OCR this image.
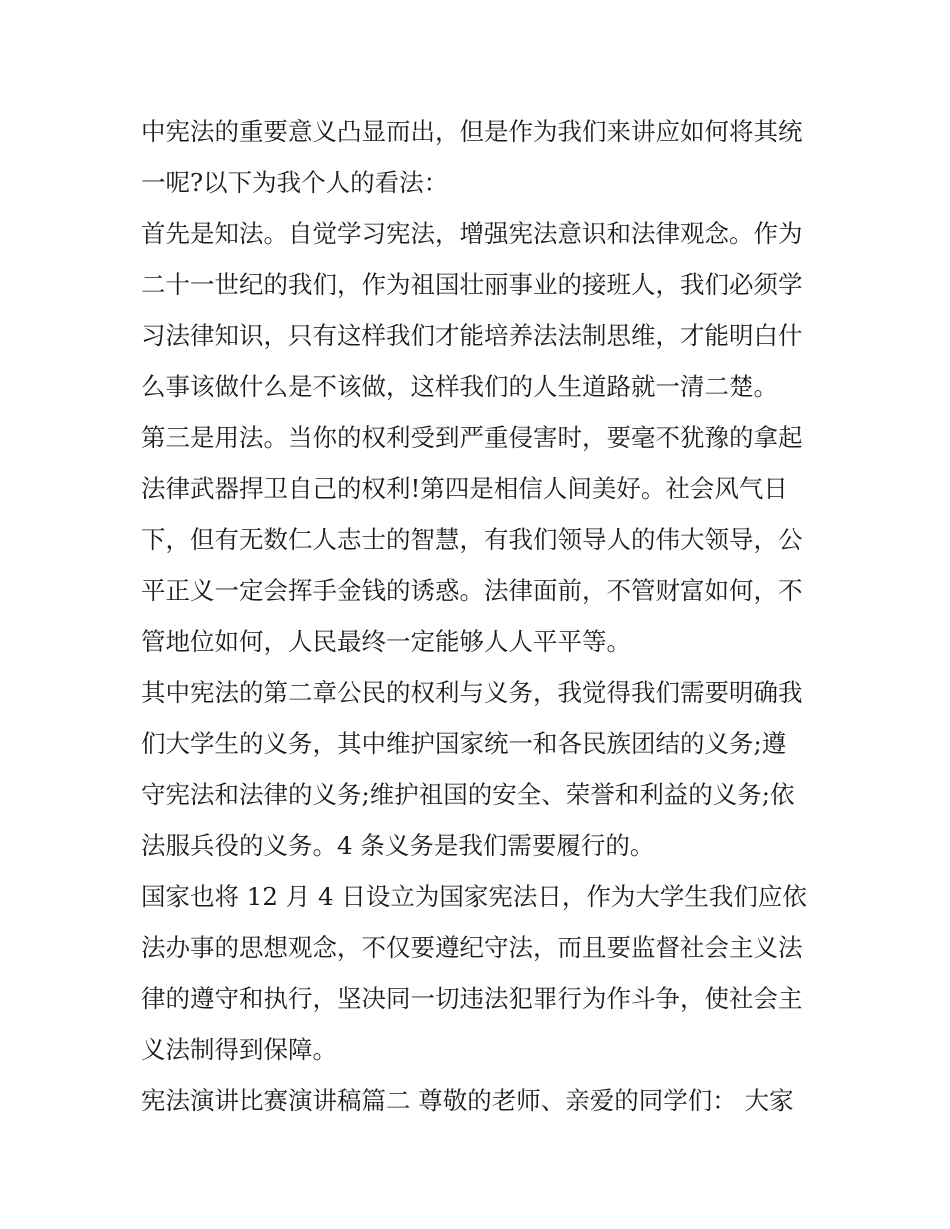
中宪法的重要意义凸显而出，但是作为我们来讲应如何将其统
一呢?以下为我个人的看法：
首先是知法。自觉学习宪法，增强宪法意识和法律观念。作为
二十一世纪的我们，作为祖国壮丽事业的接班人，我们必须学
习法律知识，只有这样我们才能培养法法制思维，才能明白什
么事该做什么是不该做，这样我们的人生道路就一清二楚。
第三是用法。当你的权利受到严重侵害时，要毫不犹豫的拿起
法律武器捍卫自己的权利!第四是相信人间美好。社会风气日
下，但有无数仁人志士的智慧，有我们领导人的伟大领导，公
平正义一定会挥手金钱的诱惑。法律面前，不管财富如何，不
管地位如何，人民最终一定能够人人平平等。
其中宪法的第二章公民的权利与义务，我觉得我们需要明确我
们大学生的义务，其中维护国家统一和各民族团结的义务;遵
守宪法和法律的义务;维护祖国的安全、荣誉和利益的义务;依
法服兵役的义务。4 条义务是我们需要履行的。
国家也将 12 月 4 日设立为国家宪法日，作为大学生我们应依
法办事的思想观念，不仅要遵纪守法，而且要监督社会主义法
律的遵守和执行，坚决同一切违法犯罪行为作斗争，使社会主
义法制得到保障。
宪法演讲比赛演讲稿篇二 尊敬的老师、亲爱的同学们： 大家
